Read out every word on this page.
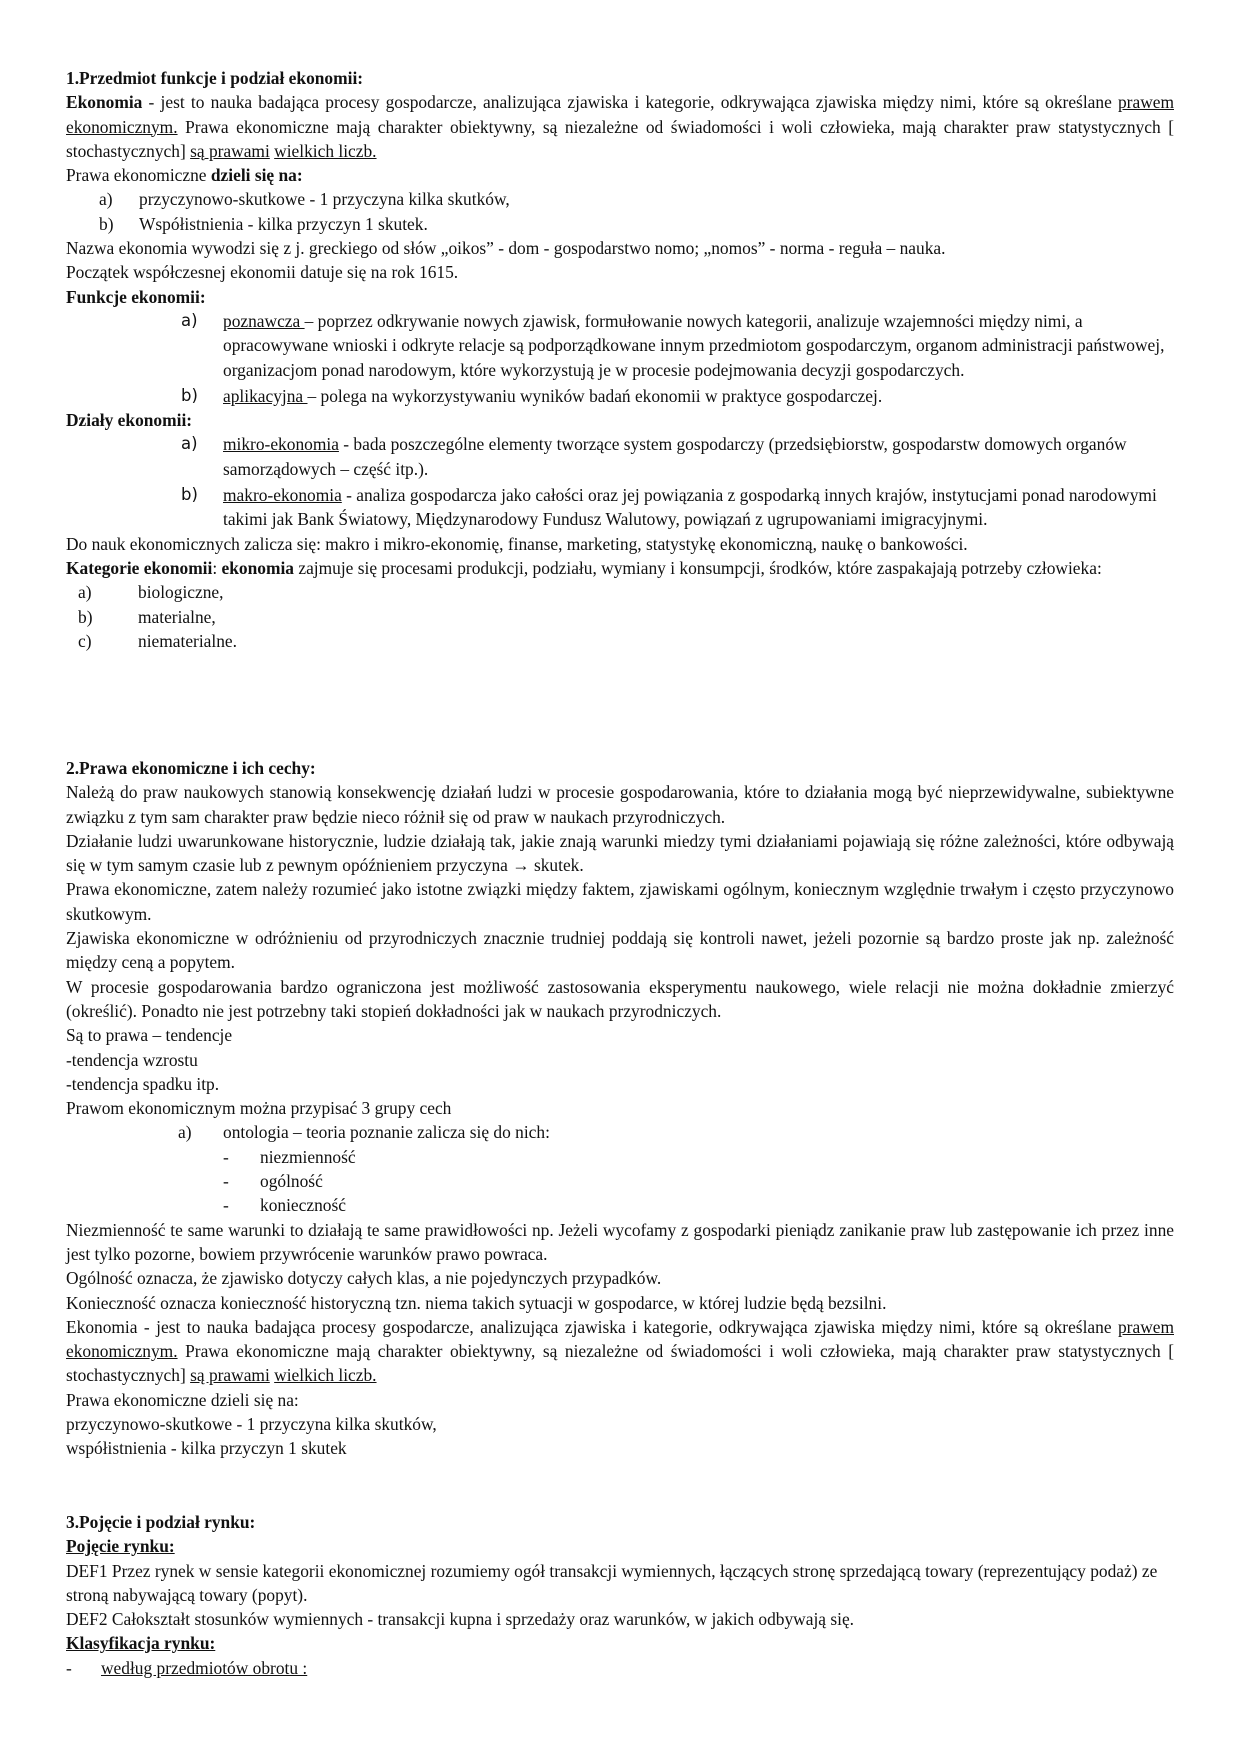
1.Przedmiot funkcje i podział ekonomii:

Ekonomia - jest to nauka badająca procesy gospodarcze, analizująca zjawiska i kategorie, odkrywająca zjawiska między nimi, które są określane prawem ekonomicznym. Prawa ekonomiczne mają charakter obiektywny, są niezależne od świadomości i woli człowieka, mają charakter praw statystycznych [ stochastycznych] są prawami wielkich liczb.

Prawa ekonomiczne dzieli się na:

a)	przyczynowo-skutkowe - 1 przyczyna kilka skutków,
b)	Współistnienia - kilka przyczyn 1 skutek.

Nazwa ekonomia wywodzi się z j. greckiego od słów „oikos” - dom - gospodarstwo nomo; „nomos” - norma - reguła – nauka.

Początek współczesnej ekonomii datuje się na rok 1615.

Funkcje ekonomii:

a)	poznawcza – poprzez odkrywanie nowych zjawisk, formułowanie nowych kategorii, analizuje wzajemności między nimi, a opracowywane wnioski i odkryte relacje są podporządkowane innym przedmiotom gospodarczym, organom administracji państwowej, organizacjom ponad narodowym, które wykorzystują je w procesie podejmowania decyzji gospodarczych.
b)	aplikacyjna – polega na wykorzystywaniu wyników badań ekonomii w praktyce gospodarczej.

Działy ekonomii:

a)	mikro-ekonomia - bada poszczególne elementy tworzące system gospodarczy (przedsiębiorstw, gospodarstw domowych organów samorządowych – część itp.).
b)	makro-ekonomia - analiza gospodarcza jako całości oraz jej powiązania z gospodarką innych krajów, instytucjami ponad narodowymi takimi jak Bank Światowy, Międzynarodowy Fundusz Walutowy, powiązań z ugrupowaniami imigracyjnymi.

Do nauk ekonomicznych zalicza się: makro i mikro-ekonomię, finanse, marketing, statystykę ekonomiczną, naukę o bankowości.

Kategorie ekonomii: ekonomia zajmuje się procesami produkcji, podziału, wymiany i konsumpcji, środków, które zaspakajają potrzeby człowieka:

a)	biologiczne,
b)	materialne,
c)	niematerialne.

2.Prawa ekonomiczne i ich cechy:

Należą do praw naukowych stanowią konsekwencję działań ludzi w procesie gospodarowania, które to działania mogą być nieprzewidywalne, subiektywne związku z tym sam charakter praw będzie nieco różnił się od praw w naukach przyrodniczych.

Działanie ludzi uwarunkowane historycznie, ludzie działają tak, jakie znają warunki miedzy tymi działaniami pojawiają się różne zależności, które odbywają się w tym samym czasie lub z pewnym opóźnieniem przyczyna → skutek.

Prawa ekonomiczne, zatem należy rozumieć jako istotne związki między faktem, zjawiskami ogólnym, koniecznym względnie trwałym i często przyczynowo skutkowym.

Zjawiska ekonomiczne w odróżnieniu od przyrodniczych znacznie trudniej poddają się kontroli nawet, jeżeli pozornie są bardzo proste jak np. zależność między ceną a popytem.

W procesie gospodarowania bardzo ograniczona jest możliwość zastosowania eksperymentu naukowego, wiele relacji nie można dokładnie zmierzyć (określić). Ponadto nie jest potrzebny taki stopień dokładności jak w naukach przyrodniczych.

Są to prawa – tendencje

-tendencja wzrostu

-tendencja spadku itp.

Prawom ekonomicznym można przypisać 3 grupy cech

a)	ontologia – teoria poznanie zalicza się do nich:
-	niezmienność
-	ogólność
-	konieczność

Niezmienność te same warunki to działają te same prawidłowości np. Jeżeli wycofamy z gospodarki pieniądz zanikanie praw lub zastępowanie ich przez inne jest tylko pozorne, bowiem przywrócenie warunków prawo powraca.

Ogólność oznacza, że zjawisko dotyczy całych klas, a nie pojedynczych przypadków.

Konieczność oznacza konieczność historyczną tzn. niema takich sytuacji w gospodarce, w której ludzie będą bezsilni.

Ekonomia - jest to nauka badająca procesy gospodarcze, analizująca zjawiska i kategorie, odkrywająca zjawiska między nimi, które są określane prawem ekonomicznym. Prawa ekonomiczne mają charakter obiektywny, są niezależne od świadomości i woli człowieka, mają charakter praw statystycznych [ stochastycznych] są prawami wielkich liczb.

Prawa ekonomiczne dzieli się na:

przyczynowo-skutkowe - 1 przyczyna kilka skutków,

współistnienia - kilka przyczyn 1 skutek

3.Pojęcie i podział rynku:

Pojęcie rynku:

DEF1 Przez rynek w sensie kategorii ekonomicznej rozumiemy ogół transakcji wymiennych, łączących stronę sprzedającą towary (reprezentujący podaż) ze stroną nabywającą towary (popyt).

DEF2 Całokształt stosunków wymiennych - transakcji kupna i sprzedaży oraz warunków, w jakich odbywają się.

Klasyfikacja rynku:

-	według przedmiotów obrotu :
